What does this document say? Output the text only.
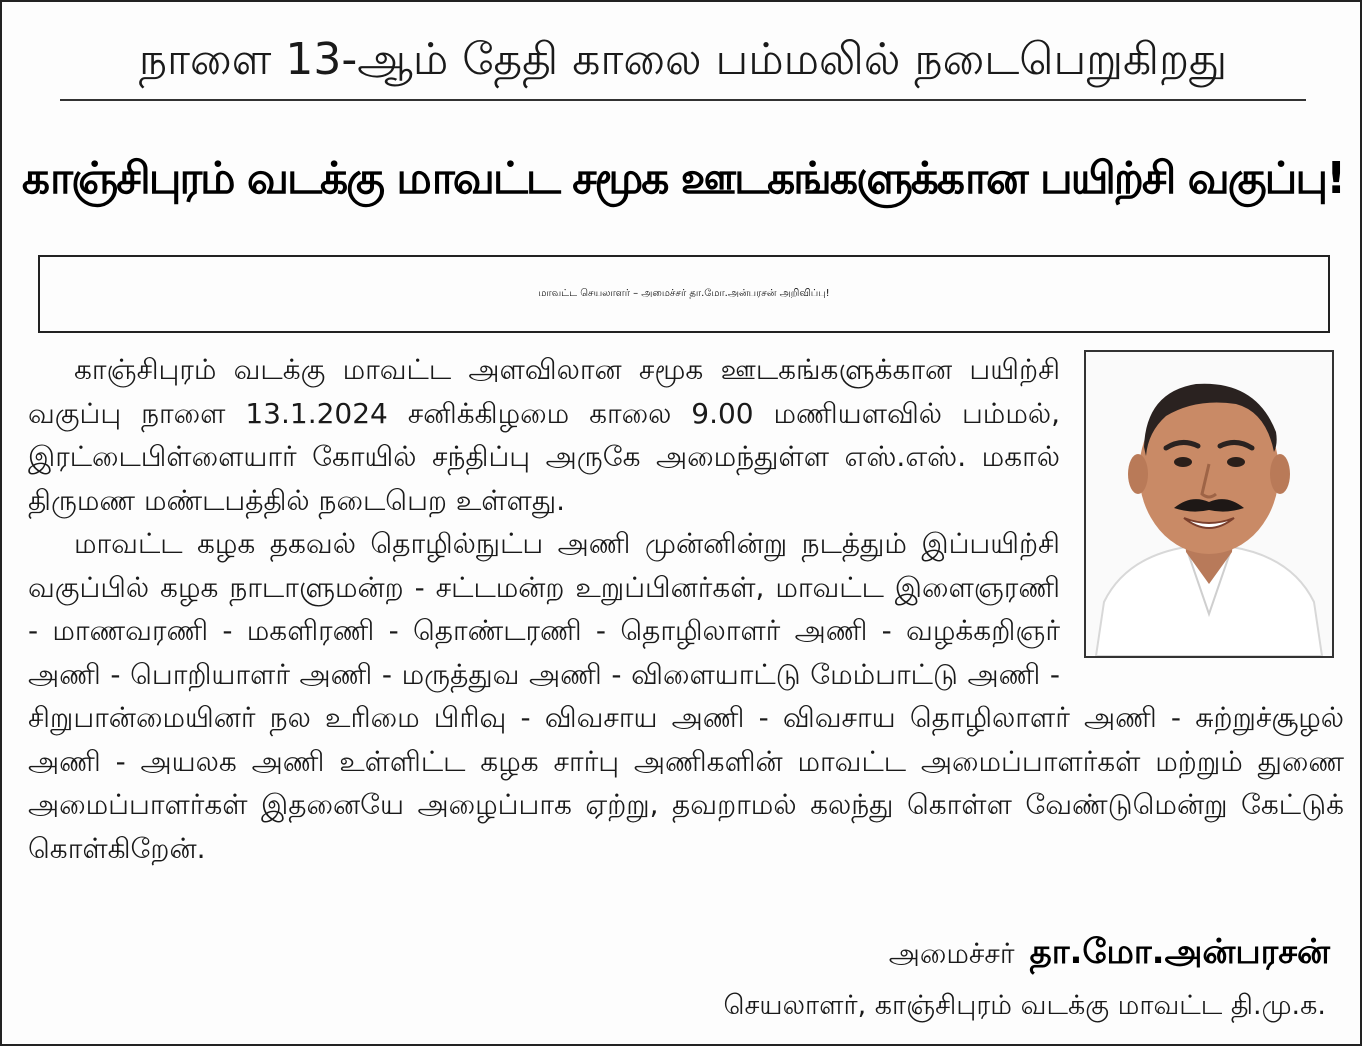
நாளை 13-ஆம் தேதி காலை பம்மலில் நடைபெறுகிறது
காஞ்சிபுரம் வடக்கு மாவட்ட சமூக ஊடகங்களுக்கான பயிற்சி வகுப்பு!
மாவட்ட செயலாளர் – அமைச்சர் தா.மோ.அன்பரசன் அறிவிப்பு!

காஞ்சிபுரம் வடக்கு மாவட்ட அளவிலான சமூக ஊடகங்களுக்கான பயிற்சி வகுப்பு நாளை 13.1.2024 சனிக்கிழமை காலை 9.00 மணியளவில் பம்மல், இரட்டைபிள்ளையார் கோயில் சந்திப்பு அருகே அமைந்துள்ள எஸ்.எஸ். மகால் திருமண மண்டபத்தில் நடைபெற உள்ளது.

மாவட்ட கழக தகவல் தொழில்நுட்ப அணி முன்னின்று நடத்தும் இப்பயிற்சி வகுப்பில் கழக நாடாளுமன்ற - சட்டமன்ற உறுப்பினர்கள், மாவட்ட இளைஞரணி - மாணவரணி - மகளிரணி - தொண்டரணி - தொழிலாளர் அணி - வழக்கறிஞர் அணி - பொறியாளர் அணி - மருத்துவ அணி - விளையாட்டு மேம்பாட்டு அணி - சிறுபான்மையினர் நல உரிமை பிரிவு - விவசாய அணி - விவசாய தொழிலாளர் அணி - சுற்றுச்சூழல் அணி - அயலக அணி உள்ளிட்ட கழக சார்பு அணிகளின் மாவட்ட அமைப்பாளர்கள் மற்றும் துணை அமைப்பாளர்கள் இதனையே அழைப்பாக ஏற்று, தவறாமல் கலந்து கொள்ள வேண்டுமென்று கேட்டுக் கொள்கிறேன்.

அமைச்சர் தா.மோ.அன்பரசன்
செயலாளர், காஞ்சிபுரம் வடக்கு மாவட்ட தி.மு.க.
